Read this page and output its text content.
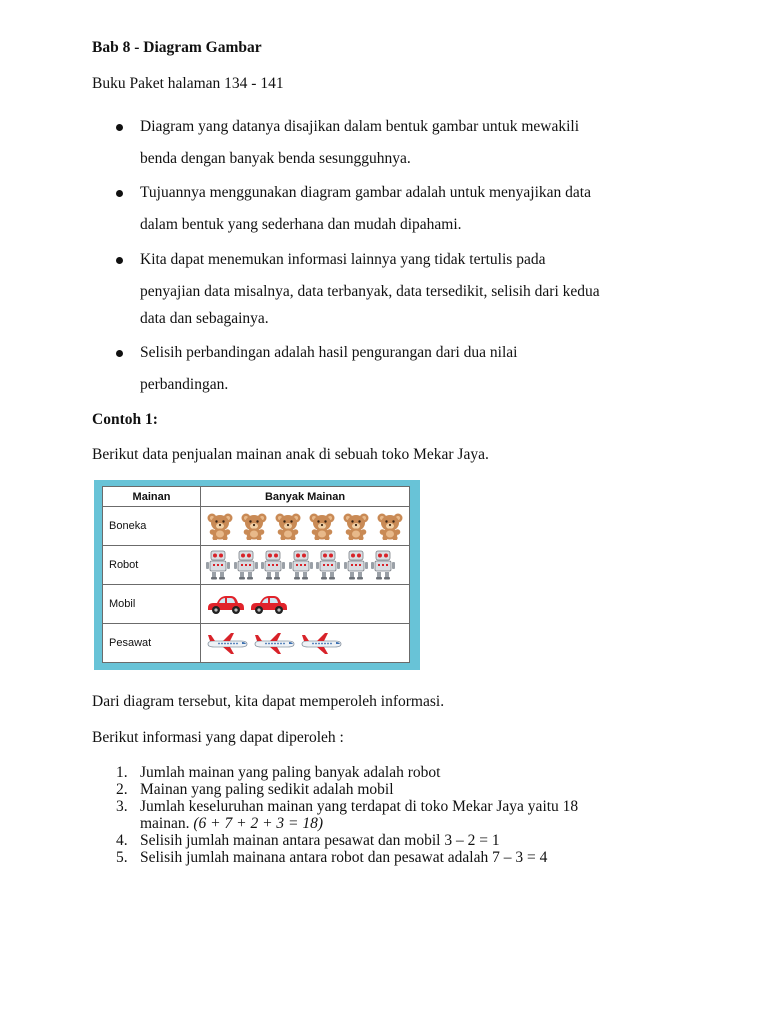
Bab 8 - Diagram Gambar
Buku Paket halaman 134 - 141
Diagram yang datanya disajikan dalam bentuk gambar untuk mewakili
benda dengan banyak benda sesungguhnya.
Tujuannya menggunakan diagram gambar adalah untuk menyajikan data
dalam bentuk yang sederhana dan mudah dipahami.
Kita dapat menemukan informasi lainnya yang tidak tertulis pada
penyajian data misalnya, data terbanyak, data tersedikit, selisih dari kedua
data dan sebagainya.
Selisih perbandingan adalah hasil pengurangan dari dua nilai
perbandingan.
Contoh 1:
Berikut data penjualan mainan anak di sebuah toko Mekar Jaya.
Mainan	Banyak Mainan
Boneka	
Robot	
Mobil	
Pesawat	
Dari diagram tersebut, kita dapat memperoleh informasi.
Berikut informasi yang dapat diperoleh :
1. Jumlah mainan yang paling banyak adalah robot
2. Mainan yang paling sedikit adalah mobil
3. Jumlah keseluruhan mainan yang terdapat di toko Mekar Jaya yaitu 18
mainan. (6 + 7 + 2 + 3 = 18)
4. Selisih jumlah mainan antara pesawat dan mobil 3 – 2 = 1
5. Selisih jumlah mainana antara robot dan pesawat adalah 7 – 3 = 4
